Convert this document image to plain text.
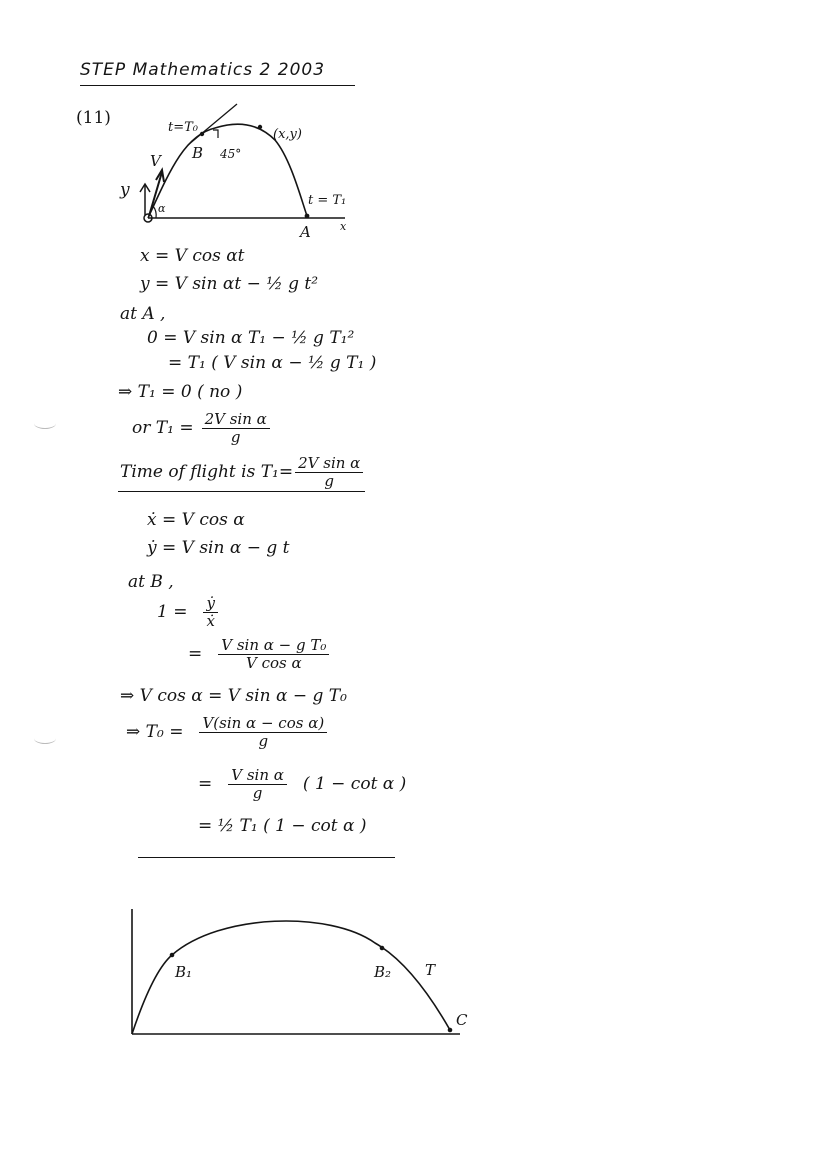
STEP Mathematics 2 2003
(11)	t=T₀
B 45°
(x,y)
V
y
α
t = T₁
A	x
x = V cos αt
y = V sin αt − ½ g t²
at A ,
0 = V sin α T₁ − ½ g T₁²
= T₁ ( V sin α − ½ g T₁ )
⇒ T₁ = 0 ( no )
or $T_1 = \frac{\text{2V sin α}}{g}$
Time of flight is $T_1= \frac{\text{2V sin α}}{g}$
ẋ = V cos α
ẏ = V sin α − g t
at B ,
$1 = \frac{\text{ẏ}}{\text{ẋ}}$
= $\frac{\text{V sin α − g T₀}}{\text{V cos α}}$
⇒ V cos α = V sin α − g T₀
⇒ $T_0 = \frac{\text{V(sin α − cos α)}}{g}$
= $\frac{\text{V sin α}}{g}$ ( 1 − cot α )
= ½ T₁ ( 1 − cot α )
B₁	B₂ T
C
